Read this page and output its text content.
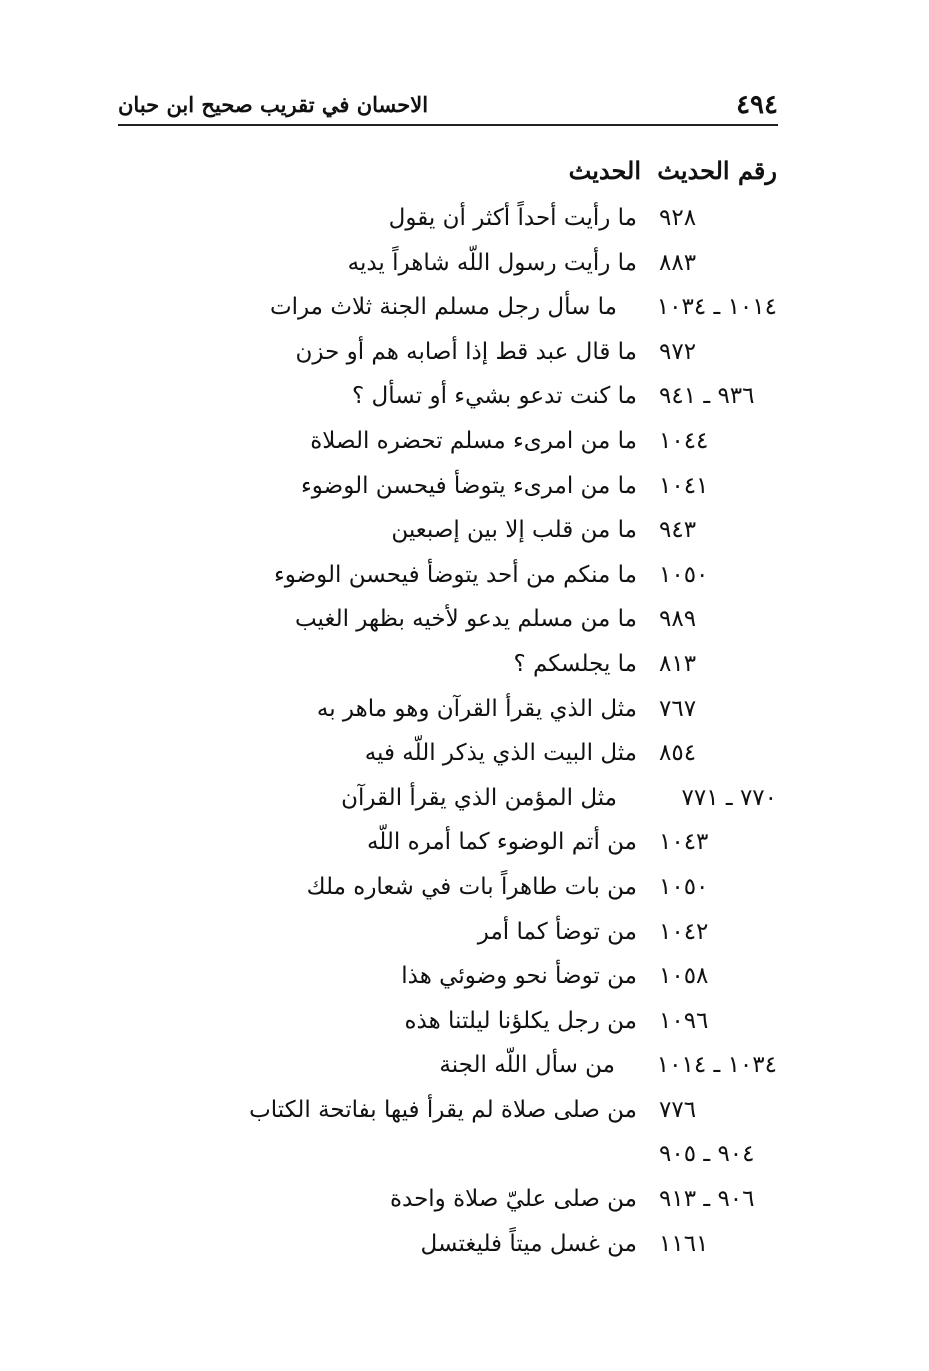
٤٩٤
الاحسان في تقريب صحيح ابن حبان
رقم الحديث
الحديث
٩٢٨
ما رأيت أحداً أكثر أن يقول
٨٨٣
ما رأيت رسول اللّه شاهراً يديه
١٠١٤ ـ ١٠٣٤
ما سأل رجل مسلم الجنة ثلاث مرات
٩٧٢
ما قال عبد قط إذا أصابه هم أو حزن
٩٣٦ ـ ٩٤١
ما كنت تدعو بشيء أو تسأل ؟
١٠٤٤
ما من امرىء مسلم تحضره الصلاة
١٠٤١
ما من امرىء يتوضأ فيحسن الوضوء
٩٤٣
ما من قلب إلا بين إصبعين
١٠٥٠
ما منكم من أحد يتوضأ فيحسن الوضوء
٩٨٩
ما من مسلم يدعو لأخيه بظهر الغيب
٨١٣
ما يجلسكم ؟
٧٦٧
مثل الذي يقرأ القرآن وهو ماهر به
٨٥٤
مثل البيت الذي يذكر اللّه فيه
٧٧٠ ـ ٧٧١
مثل المؤمن الذي يقرأ القرآن
١٠٤٣
من أتم الوضوء كما أمره اللّه
١٠٥٠
من بات طاهراً بات في شعاره ملك
١٠٤٢
من توضأ كما أمر
١٠٥٨
من توضأ نحو وضوئي هذا
١٠٩٦
من رجل يكلؤنا ليلتنا هذه
١٠٣٤ ـ ١٠١٤
من سأل اللّه الجنة
٧٧٦
من صلى صلاة لم يقرأ فيها بفاتحة الكتاب
٩٠٤ ـ ٩٠٥
٩٠٦ ـ ٩١٣
من صلى عليّ صلاة واحدة
١١٦١
من غسل ميتاً فليغتسل
